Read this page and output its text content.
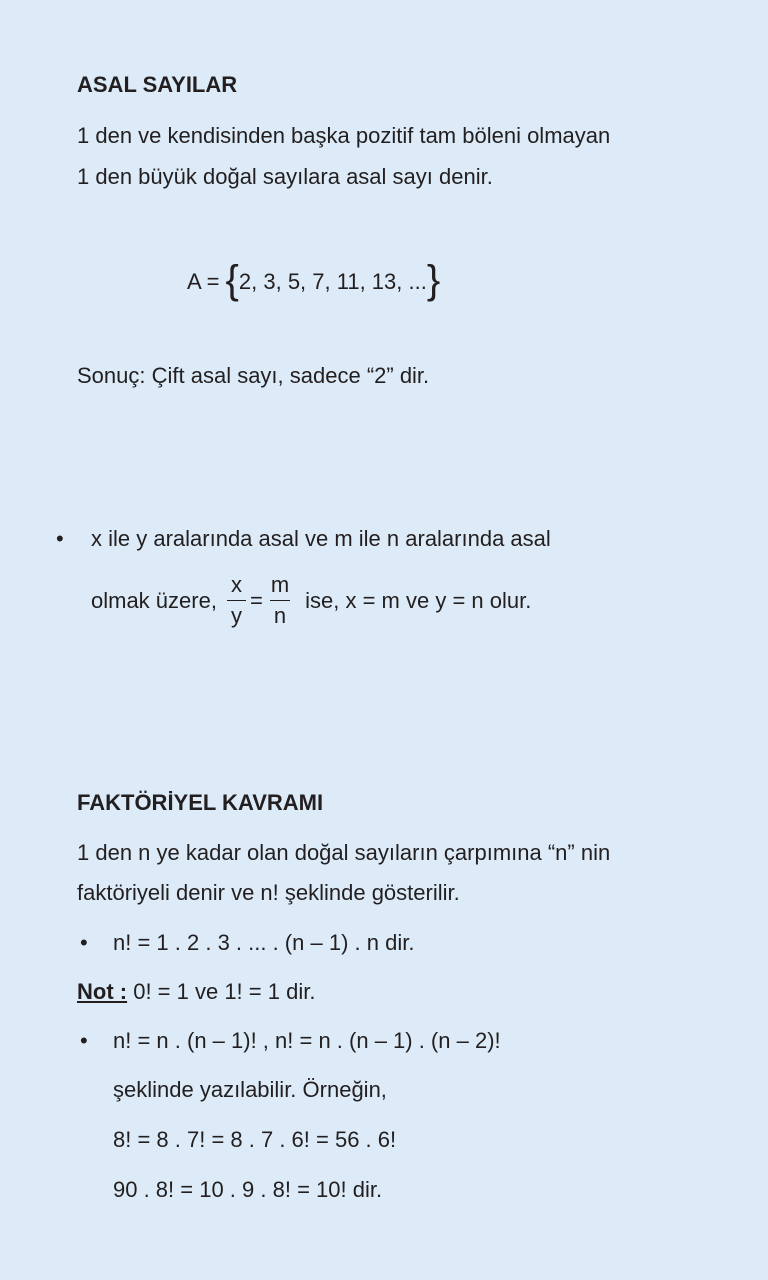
ASAL SAYILAR
1 den ve kendisinden başka pozitif tam böleni olmayan
1 den büyük doğal sayılara asal sayı denir.
A = {2, 3, 5, 7, 11, 13, ...}
Sonuç: Çift asal sayı, sadece “2” dir.
• x ile y aralarında asal ve m ile n aralarında asal
olmak üzere, $\frac{x}{y} = \frac{m}{n}$ ise, x = m ve y = n olur.
FAKTÖRİYEL KAVRAMI
1 den n ye kadar olan doğal sayıların çarpımına “n” nin
faktöriyeli denir ve n! şeklinde gösterilir.
• n! = 1 . 2 . 3 . ... . (n – 1) . n dir.
Not : 0! = 1 ve 1! = 1 dir.
• n! = n . (n – 1)! , n! = n . (n – 1) . (n – 2)!
şeklinde yazılabilir. Örneğin,
8! = 8 . 7! = 8 . 7 . 6! = 56 . 6!
90 . 8! = 10 . 9 . 8! = 10! dir.
